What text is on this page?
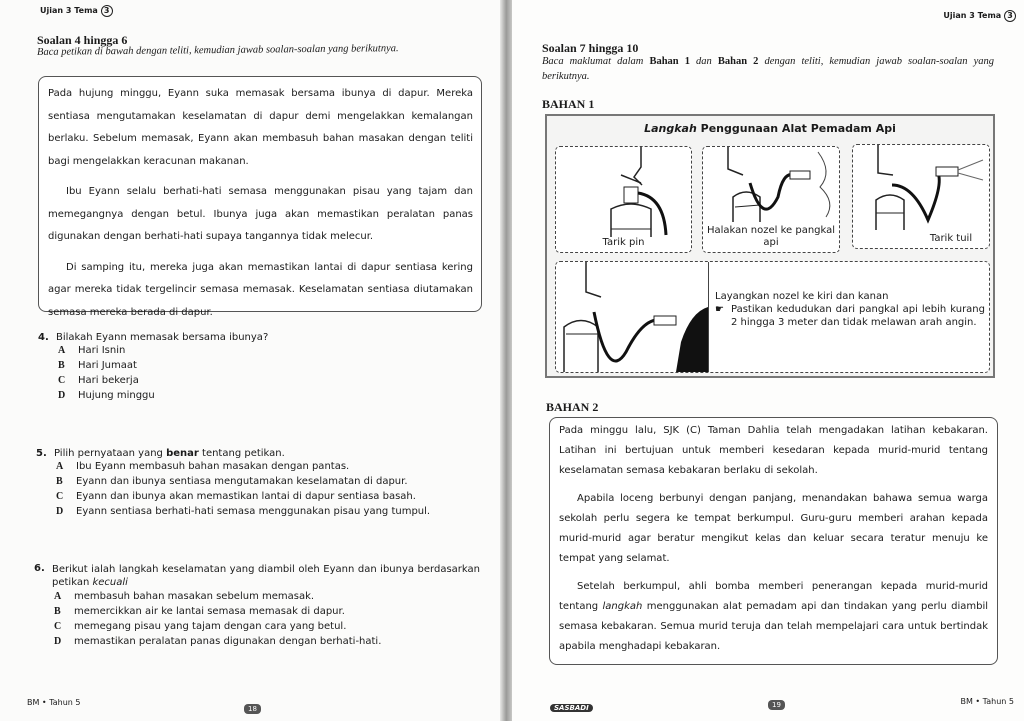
Ujian 3 Tema 3
Soalan 4 hingga 6
Baca petikan di bawah dengan teliti, kemudian jawab soalan-soalan yang berikutnya.

Pada hujung minggu, Eyann suka memasak bersama ibunya di dapur. Mereka sentiasa mengutamakan keselamatan di dapur demi mengelakkan kemalangan berlaku. Sebelum memasak, Eyann akan membasuh bahan masakan dengan teliti bagi mengelakkan keracunan makanan.

Ibu Eyann selalu berhati-hati semasa menggunakan pisau yang tajam dan memegangnya dengan betul. Ibunya juga akan memastikan peralatan panas digunakan dengan berhati-hati supaya tangannya tidak melecur.

Di samping itu, mereka juga akan memastikan lantai di dapur sentiasa kering agar mereka tidak tergelincir semasa memasak. Keselamatan sentiasa diutamakan semasa mereka berada di dapur.

4. Bilakah Eyann memasak bersama ibunya?
A	Hari Isnin
B	Hari Jumaat
C	Hari bekerja
D	Hujung minggu
5. Pilih pernyataan yang benar tentang petikan.
A	Ibu Eyann membasuh bahan masakan dengan pantas.
B	Eyann dan ibunya sentiasa mengutamakan keselamatan di dapur.
C	Eyann dan ibunya akan memastikan lantai di dapur sentiasa basah.
D	Eyann sentiasa berhati-hati semasa menggunakan pisau yang tumpul.
6. Berikut ialah langkah keselamatan yang diambil oleh Eyann dan ibunya berdasarkan petikan kecuali
A	membasuh bahan masakan sebelum memasak.
B	memercikkan air ke lantai semasa memasak di dapur.
C	memegang pisau yang tajam dengan cara yang betul.
D	memastikan peralatan panas digunakan dengan berhati-hati.
BM • Tahun 5
18
Ujian 3 Tema 3
Soalan 7 hingga 10
Baca maklumat dalam Bahan 1 dan Bahan 2 dengan teliti, kemudian jawab soalan-soalan yang berikutnya.
BAHAN 1
Langkah Penggunaan Alat Pemadam Api
Tarik pin
Halakan nozel ke pangkal api	Tarik tuil
Layangkan nozel ke kiri dan kanan
☛ Pastikan kedudukan dari pangkal api lebih kurang 2 hingga 3 meter dan tidak melawan arah angin.
BAHAN 2

Pada minggu lalu, SJK (C) Taman Dahlia telah mengadakan latihan kebakaran. Latihan ini bertujuan untuk memberi kesedaran kepada murid-murid tentang keselamatan semasa kebakaran berlaku di sekolah.

Apabila loceng berbunyi dengan panjang, menandakan bahawa semua warga sekolah perlu segera ke tempat berkumpul. Guru-guru memberi arahan kepada murid-murid agar beratur mengikut kelas dan keluar secara teratur menuju ke tempat yang selamat.

Setelah berkumpul, ahli bomba memberi penerangan kepada murid-murid tentang langkah menggunakan alat pemadam api dan tindakan yang perlu diambil semasa kebakaran. Semua murid teruja dan telah mempelajari cara untuk bertindak apabila menghadapi kebakaran.

SASBADI	19	BM • Tahun 5
